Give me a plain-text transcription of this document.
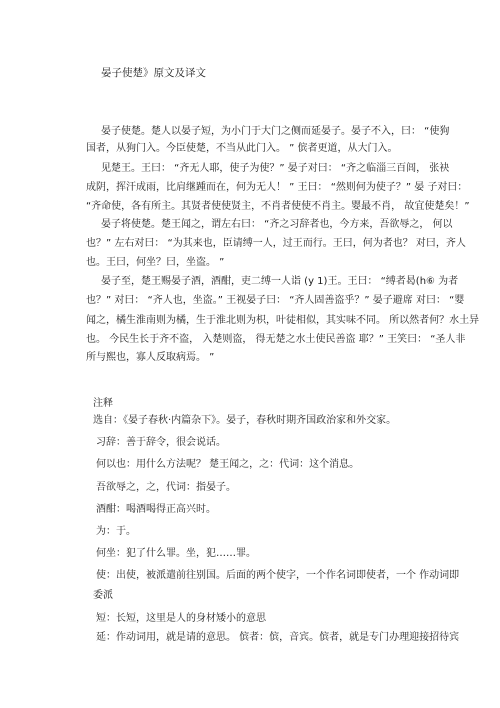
晏子使楚》原文及译文
晏子使楚。楚人以晏子短，为小门于大门之侧而延晏子。晏子不入，曰： “使狗
国者，从狗门入。今臣使楚，不当从此门入。 ” 傧者更道，从大门入。
见楚王。王曰： “齐无人耶，使子为使？” 晏子对曰： “齐之临淄三百闾， 张袂
成阴，挥汗成雨，比肩继踵而在，何为无人！ ” 王曰： “然则何为使子？” 晏 子对曰：
“齐命使，各有所主。其贤者使使贤主，不肖者使使不肖主。婴最不肖， 故宜使楚矣！”
晏子将使楚。楚王闻之，谓左右曰： “齐之习辞者也，今方来，吾欲辱之， 何以
也？” 左右对曰： “为其来也，臣请缚一人，过王而行。王曰，何为者也？ 对曰，齐人
也。王曰，何坐？曰，坐盗。 ”
晏子至，楚王赐晏子酒，酒酣，吏二缚一人诣 (y 1)王。王曰： “缚者曷(h⑥ 为者
也？” 对曰： “齐人也，坐盗。” 王视晏子曰： “齐人固善盗乎？” 晏子避席 对曰： “婴
闻之，橘生淮南则为橘，生于淮北则为枳，叶徒相似，其实味不同。 所以然者何？水土异
也。 今民生长于齐不盗， 入楚则盗， 得无楚之水土使民善盗 耶？” 王笑曰： “圣人非
所与熙也，寡人反取病焉。 ”
注释
选自：《晏子春秋·内篇杂下》。晏子，春秋时期齐国政治家和外交家。
习辞：善于辞令，很会说话。
何以也：用什么方法呢？ 楚王闻之，之：代词：这个消息。
吾欲辱之，之，代词：指晏子。
酒酣：喝酒喝得正高兴时。
为：于。
何坐：犯了什么罪。坐，犯……罪。
使：出使，被派遣前往别国。后面的两个使字，一个作名词即使者，一个 作动词即
委派
短：长短，这里是人的身材矮小的意思
延：作动词用，就是请的意思。 傧者：傧，音宾。傧者，就是专门办理迎接招待宾
